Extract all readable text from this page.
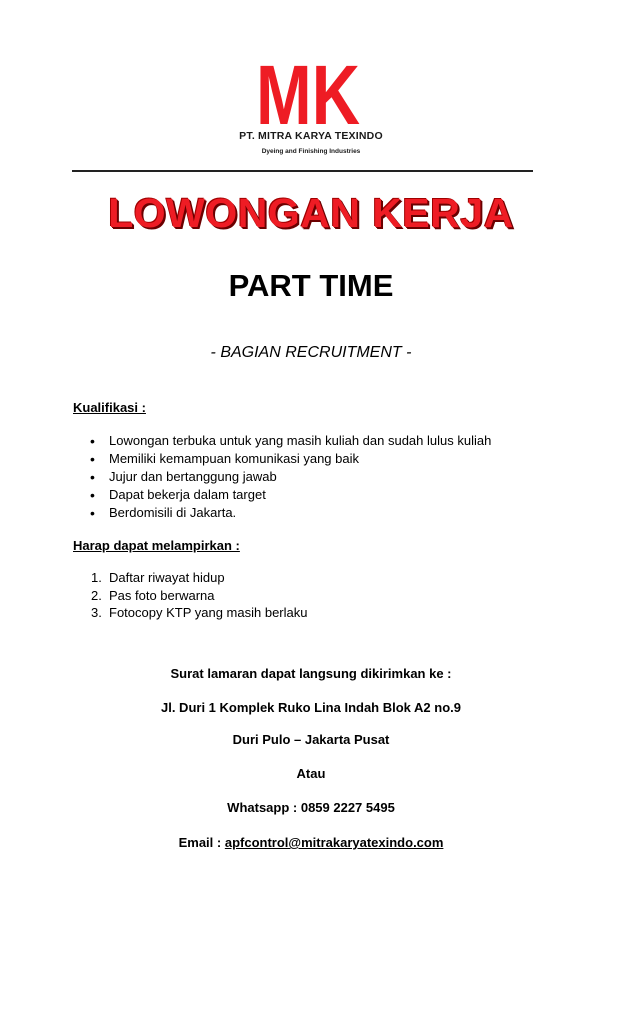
MK
PT. MITRA KARYA TEXINDO
Dyeing and Finishing Industries
LOWONGAN KERJA
PART TIME
- BAGIAN RECRUITMENT -
Kualifikasi :
• Lowongan terbuka untuk yang masih kuliah dan sudah lulus kuliah
• Memiliki kemampuan komunikasi yang baik
• Jujur dan bertanggung jawab
• Dapat bekerja dalam target
• Berdomisili di Jakarta.
Harap dapat melampirkan :
1. Daftar riwayat hidup
2. Pas foto berwarna
3. Fotocopy KTP yang masih berlaku
Surat lamaran dapat langsung dikirimkan ke :
Jl. Duri 1 Komplek Ruko Lina Indah Blok A2 no.9
Duri Pulo – Jakarta Pusat
Atau
Whatsapp : 0859 2227 5495
Email : apfcontrol@mitrakaryatexindo.com
